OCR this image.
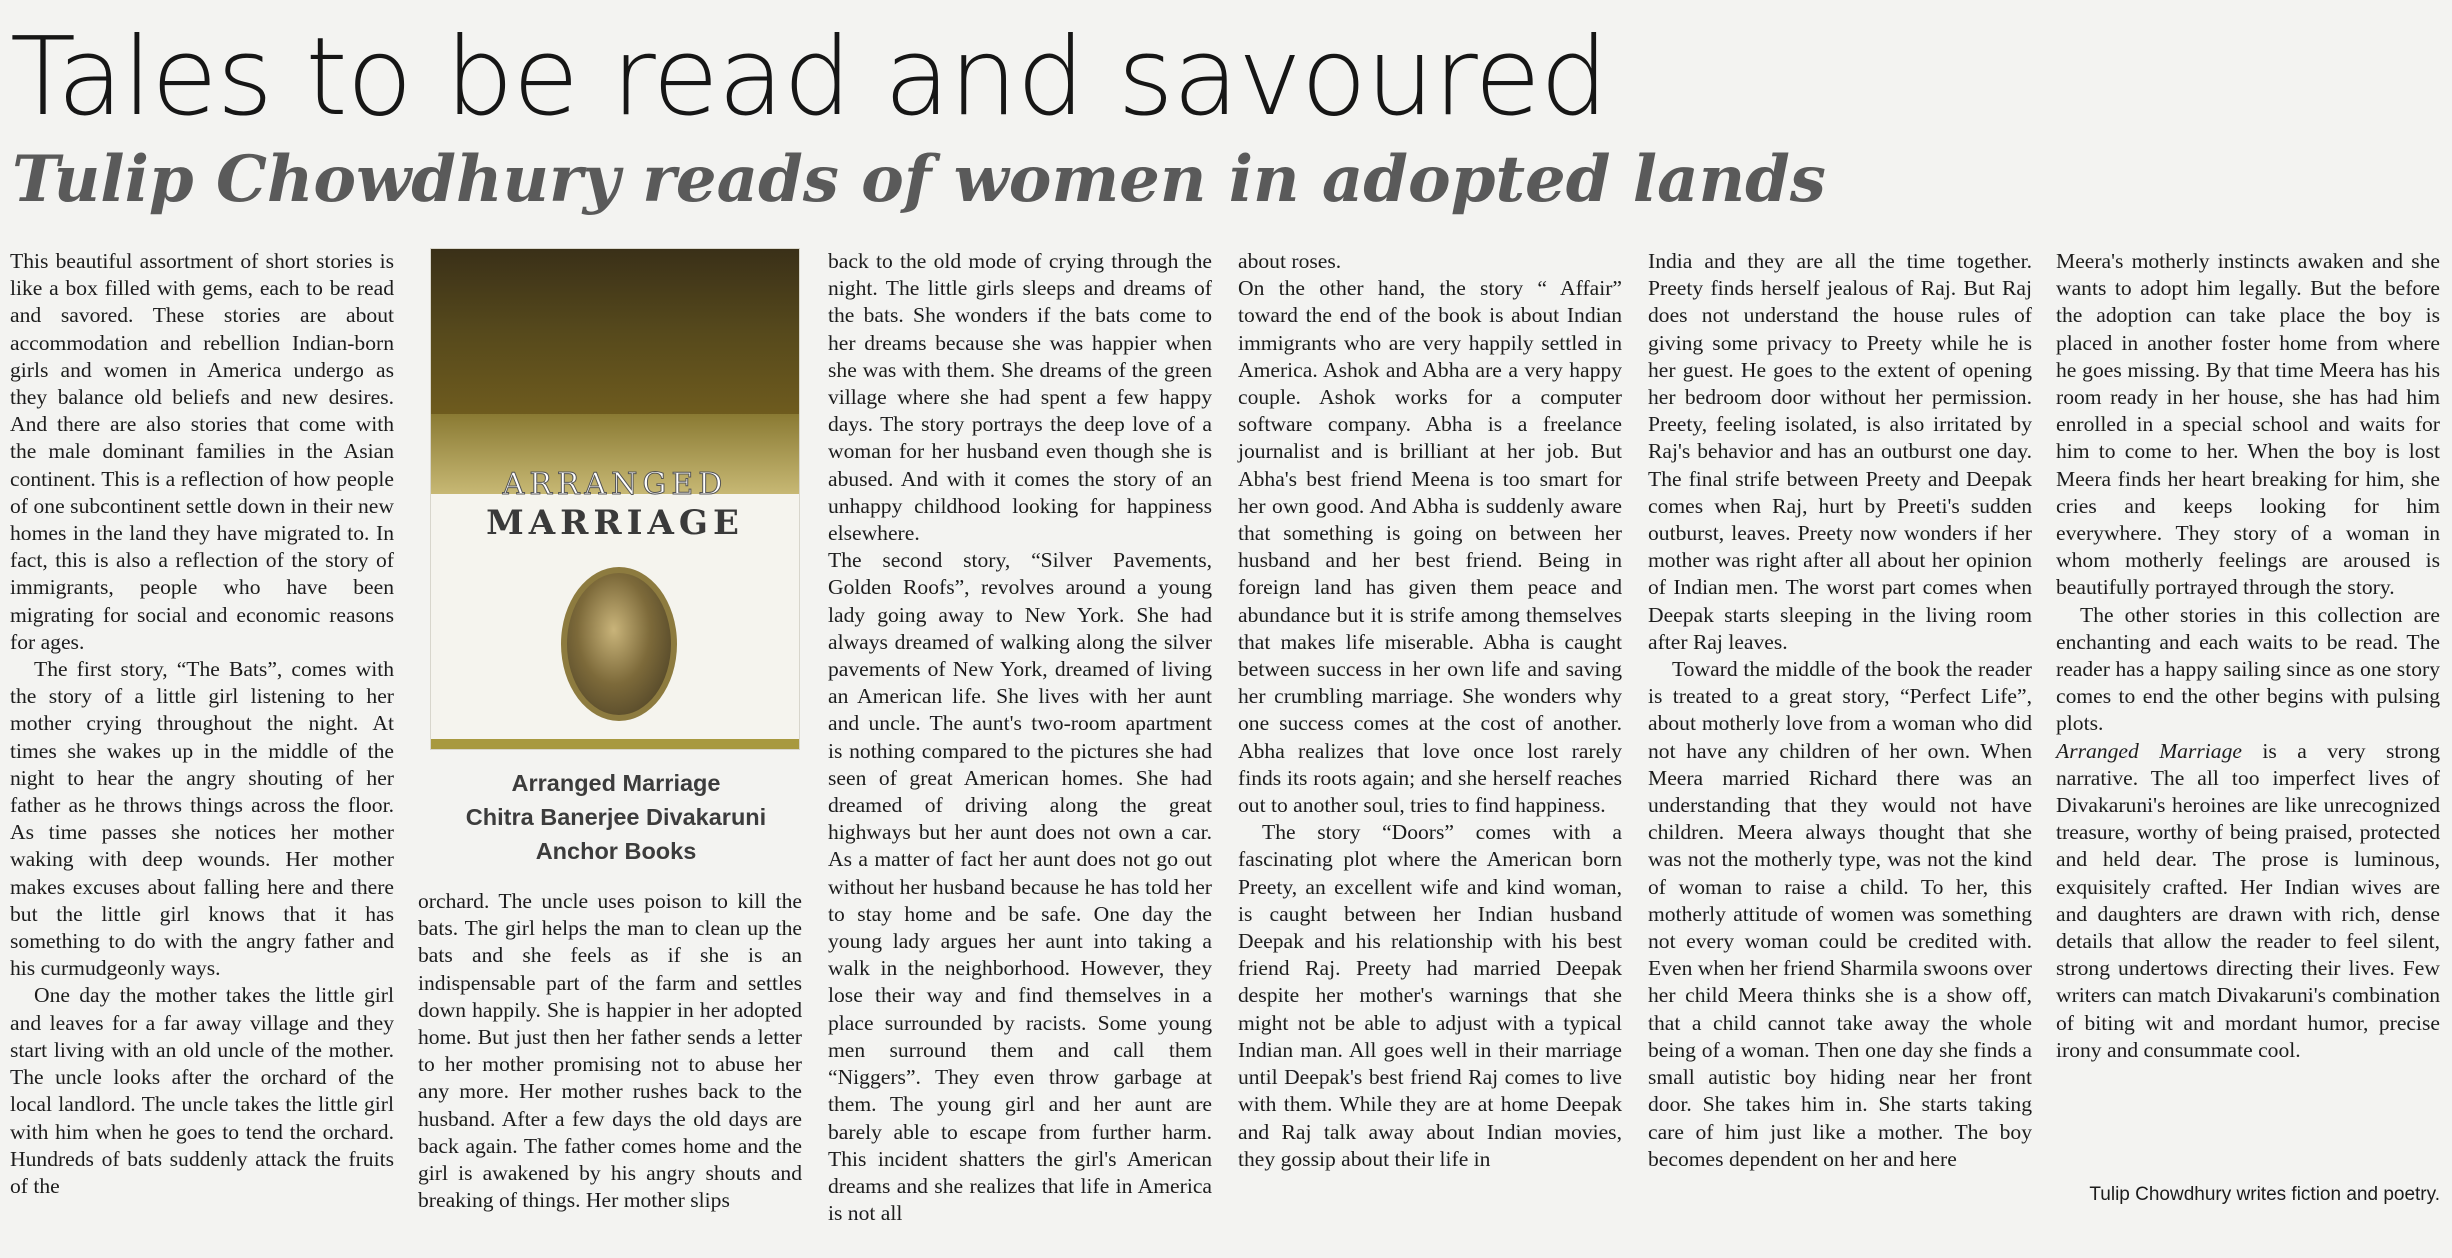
Tales to be read and savoured
Tulip Chowdhury reads of women in adopted lands

This beautiful assortment of short stories is like a box filled with gems, each to be read and savored. These stories are about accommodation and rebellion Indian-born girls and women in America undergo as they balance old beliefs and new desires. And there are also stories that come with the male dominant families in the Asian continent. This is a reflection of how people of one subcontinent settle down in their new homes in the land they have migrated to. In fact, this is also a reflection of the story of immigrants, people who have been migrating for social and economic reasons for ages.

The first story, “The Bats”, comes with the story of a little girl listening to her mother crying throughout the night. At times she wakes up in the middle of the night to hear the angry shouting of her father as he throws things across the floor. As time passes she notices her mother waking with deep wounds. Her mother makes excuses about falling here and there but the little girl knows that it has something to do with the angry father and his curmudgeonly ways.

One day the mother takes the little girl and leaves for a far away village and they start living with an old uncle of the mother. The uncle looks after the orchard of the local landlord. The uncle takes the little girl with him when he goes to tend the orchard. Hundreds of bats suddenly attack the fruits of the

ARRANGED
MARRIAGE
Arranged Marriage
Chitra Banerjee Divakaruni
Anchor Books

orchard. The uncle uses poison to kill the bats. The girl helps the man to clean up the bats and she feels as if she is an indispensable part of the farm and settles down happily. She is happier in her adopted home. But just then her father sends a letter to her mother promising not to abuse her any more. Her mother rushes back to the husband. After a few days the old days are back again. The father comes home and the girl is awakened by his angry shouts and breaking of things. Her mother slips

back to the old mode of crying through the night. The little girls sleeps and dreams of the bats. She wonders if the bats come to her dreams because she was happier when she was with them. She dreams of the green village where she had spent a few happy days. The story portrays the deep love of a woman for her husband even though she is abused. And with it comes the story of an unhappy childhood looking for happiness elsewhere.

The second story, “Silver Pavements, Golden Roofs”, revolves around a young lady going away to New York. She had always dreamed of walking along the silver pavements of New York, dreamed of living an American life. She lives with her aunt and uncle. The aunt's two-room apartment is nothing compared to the pictures she had seen of great American homes. She had dreamed of driving along the great highways but her aunt does not own a car. As a matter of fact her aunt does not go out without her husband because he has told her to stay home and be safe. One day the young lady argues her aunt into taking a walk in the neighborhood. However, they lose their way and find themselves in a place surrounded by racists. Some young men surround them and call them “Niggers”. They even throw garbage at them. The young girl and her aunt are barely able to escape from further harm. This incident shatters the girl's American dreams and she realizes that life in America is not all

about roses.

On the other hand, the story “ Affair” toward the end of the book is about Indian immigrants who are very happily settled in America. Ashok and Abha are a very happy couple. Ashok works for a computer software company. Abha is a freelance journalist and is brilliant at her job. But Abha's best friend Meena is too smart for her own good. And Abha is suddenly aware that something is going on between her husband and her best friend. Being in foreign land has given them peace and abundance but it is strife among themselves that makes life miserable. Abha is caught between success in her own life and saving her crumbling marriage. She wonders why one success comes at the cost of another. Abha realizes that love once lost rarely finds its roots again; and she herself reaches out to another soul, tries to find happiness.

The story “Doors” comes with a fascinating plot where the American born Preety, an excellent wife and kind woman, is caught between her Indian husband Deepak and his relationship with his best friend Raj. Preety had married Deepak despite her mother's warnings that she might not be able to adjust with a typical Indian man. All goes well in their marriage until Deepak's best friend Raj comes to live with them. While they are at home Deepak and Raj talk away about Indian movies, they gossip about their life in

India and they are all the time together. Preety finds herself jealous of Raj. But Raj does not understand the house rules of giving some privacy to Preety while he is her guest. He goes to the extent of opening her bedroom door without her permission. Preety, feeling isolated, is also irritated by Raj's behavior and has an outburst one day. The final strife between Preety and Deepak comes when Raj, hurt by Preeti's sudden outburst, leaves. Preety now wonders if her mother was right after all about her opinion of Indian men. The worst part comes when Deepak starts sleeping in the living room after Raj leaves.

Toward the middle of the book the reader is treated to a great story, “Perfect Life”, about motherly love from a woman who did not have any children of her own. When Meera married Richard there was an understanding that they would not have children. Meera always thought that she was not the motherly type, was not the kind of woman to raise a child. To her, this motherly attitude of women was something not every woman could be credited with. Even when her friend Sharmila swoons over her child Meera thinks she is a show off, that a child cannot take away the whole being of a woman. Then one day she finds a small autistic boy hiding near her front door. She takes him in. She starts taking care of him just like a mother. The boy becomes dependent on her and here

Meera's motherly instincts awaken and she wants to adopt him legally. But the before the adoption can take place the boy is placed in another foster home from where he goes missing. By that time Meera has his room ready in her house, she has had him enrolled in a special school and waits for him to come to her. When the boy is lost Meera finds her heart breaking for him, she cries and keeps looking for him everywhere. They story of a woman in whom motherly feelings are aroused is beautifully portrayed through the story.

The other stories in this collection are enchanting and each waits to be read. The reader has a happy sailing since as one story comes to end the other begins with pulsing plots.

Arranged Marriage is a very strong narrative. The all too imperfect lives of Divakaruni's heroines are like unrecognized treasure, worthy of being praised, protected and held dear. The prose is luminous, exquisitely crafted. Her Indian wives are and daughters are drawn with rich, dense details that allow the reader to feel silent, strong undertows directing their lives. Few writers can match Divakaruni's combination of biting wit and mordant humor, precise irony and consummate cool.

Tulip Chowdhury writes fiction and poetry.
